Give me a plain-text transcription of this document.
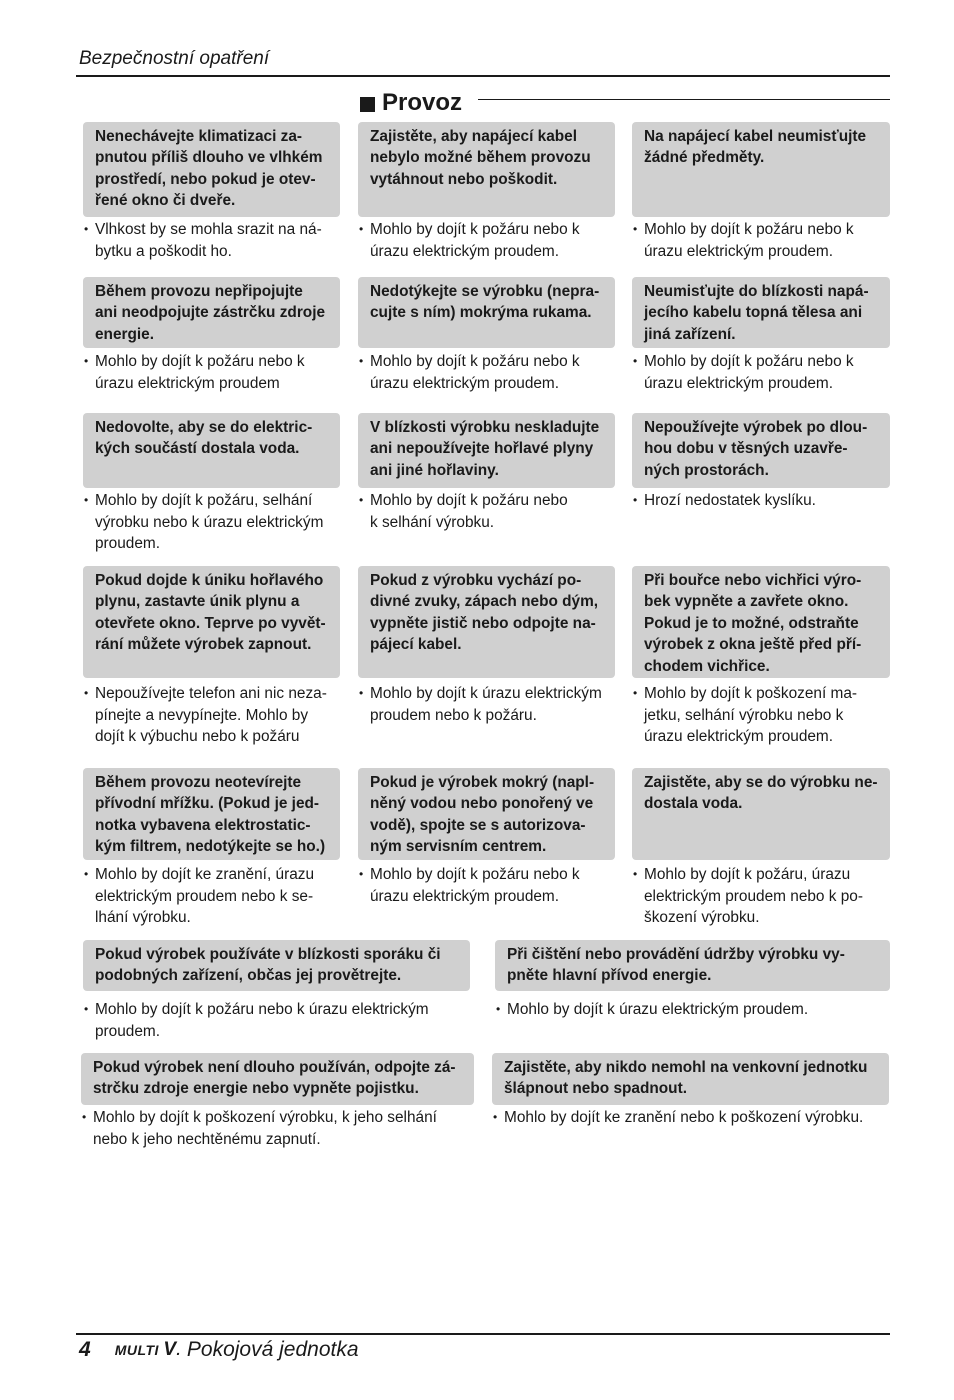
Bezpečnostní opatření
Provoz
Nenechávejte klimatizaci za-
pnutou příliš dlouho ve vlhkém
prostředí, nebo pokud je otev-
řené okno či dveře.
• Vlhkost by se mohla srazit na ná-
bytku a poškodit ho.
Zajistěte, aby napájecí kabel
nebylo možné během provozu
vytáhnout nebo poškodit.
• Mohlo by dojít k požáru nebo k
úrazu elektrickým proudem.
Na napájecí kabel neumisťujte
žádné předměty.
• Mohlo by dojít k požáru nebo k
úrazu elektrickým proudem.
Během provozu nepřipojujte
ani neodpojujte zástrčku zdroje
energie.
• Mohlo by dojít k požáru nebo k
úrazu elektrickým proudem
Nedotýkejte se výrobku (nepra-
cujte s ním) mokrýma rukama.
• Mohlo by dojít k požáru nebo k
úrazu elektrickým proudem.
Neumisťujte do blízkosti napá-
jecího kabelu topná tělesa ani
jiná zařízení.
• Mohlo by dojít k požáru nebo k
úrazu elektrickým proudem.
Nedovolte, aby se do elektric-
kých součástí dostala voda.
• Mohlo by dojít k požáru, selhání
výrobku nebo k úrazu elektrickým
proudem.
V blízkosti výrobku neskladujte
ani nepoužívejte hořlavé plyny
ani jiné hořlaviny.
• Mohlo by dojít k požáru nebo
k selhání výrobku.
Nepoužívejte výrobek po dlou-
hou dobu v těsných uzavře-
ných prostorách.
• Hrozí nedostatek kyslíku.
Pokud dojde k úniku hořlavého
plynu, zastavte únik plynu a
otevřete okno. Teprve po vyvět-
rání můžete výrobek zapnout.
• Nepoužívejte telefon ani nic neza-
pínejte a nevypínejte. Mohlo by
dojít k výbuchu nebo k požáru
Pokud z výrobku vychází po-
divné zvuky, zápach nebo dým,
vypněte jistič nebo odpojte na-
pájecí kabel.
• Mohlo by dojít k úrazu elektrickým
proudem nebo k požáru.
Při bouřce nebo vichřici výro-
bek vypněte a zavřete okno.
Pokud je to možné, odstraňte
výrobek z okna ještě před pří-
chodem vichřice.
• Mohlo by dojít k poškození ma-
jetku, selhání výrobku nebo k
úrazu elektrickým proudem.
Během provozu neotevírejte
přívodní mřížku. (Pokud je jed-
notka vybavena elektrostatic-
kým filtrem, nedotýkejte se ho.)
• Mohlo by dojít ke zranění, úrazu
elektrickým proudem nebo k se-
lhání výrobku.
Pokud je výrobek mokrý (napl-
něný vodou nebo ponořený ve
vodě), spojte se s autorizova-
ným servisním centrem.
• Mohlo by dojít k požáru nebo k
úrazu elektrickým proudem.
Zajistěte, aby se do výrobku ne-
dostala voda.
• Mohlo by dojít k požáru, úrazu
elektrickým proudem nebo k po-
škození výrobku.
Pokud výrobek používáte v blízkosti sporáku či
podobných zařízení, občas jej provětrejte.
• Mohlo by dojít k požáru nebo k úrazu elektrickým
proudem.
Při čištění nebo provádění údržby výrobku vy-
pněte hlavní přívod energie.
• Mohlo by dojít k úrazu elektrickým proudem.
Pokud výrobek není dlouho používán, odpojte zá-
strčku zdroje energie nebo vypněte pojistku.
• Mohlo by dojít k poškození výrobku, k jeho selhání
nebo k jeho nechtěnému zapnutí.
Zajistěte, aby nikdo nemohl na venkovní jednotku
šlápnout nebo spadnout.
• Mohlo by dojít ke zranění nebo k poškození výrobku.
4 MULTI V. Pokojová jednotka
